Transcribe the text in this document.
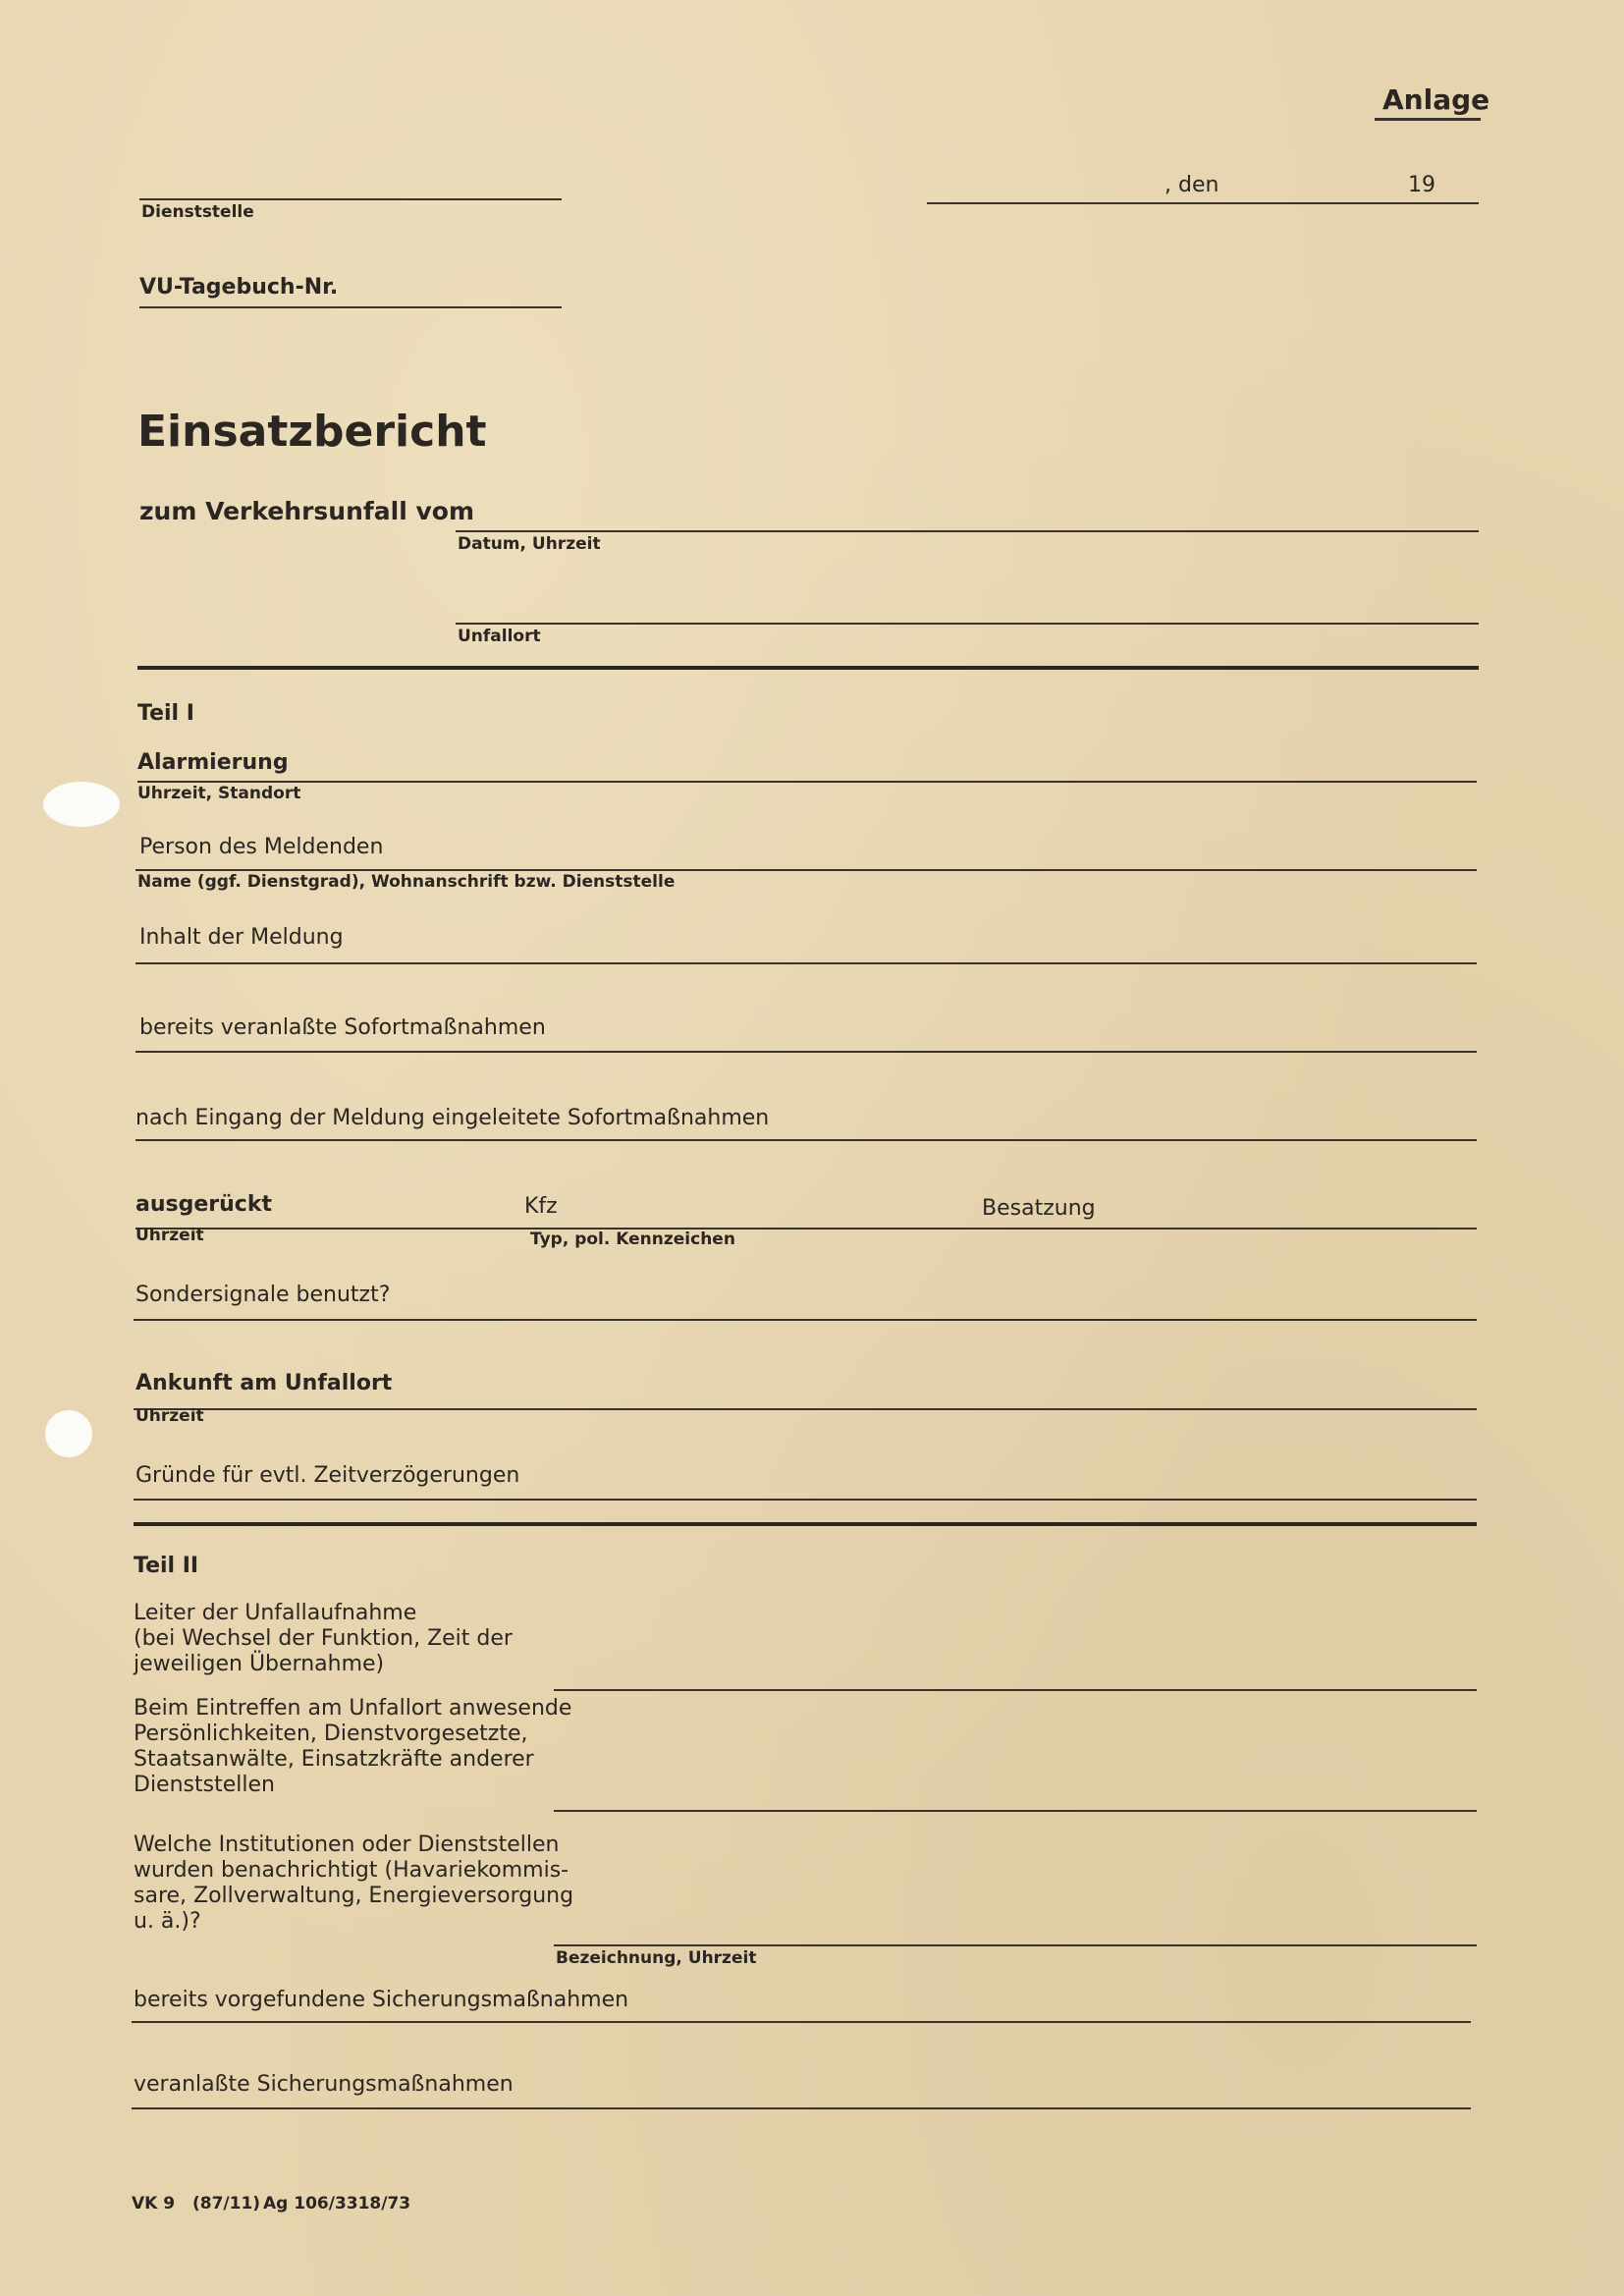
Anlage
Dienststelle
, den	19
VU-Tagebuch-Nr.
Einsatzbericht
zum Verkehrsunfall vom
Datum, Uhrzeit
Unfallort
Teil I
Alarmierung
Uhrzeit, Standort
Person des Meldenden
Name (ggf. Dienstgrad), Wohnanschrift bzw. Dienststelle
Inhalt der Meldung
bereits veranlaßte Sofortmaßnahmen
nach Eingang der Meldung eingeleitete Sofortmaßnahmen
ausgerückt	Kfz	Besatzung
Uhrzeit	Typ, pol. Kennzeichen
Sondersignale benutzt?
Ankunft am Unfallort
Uhrzeit
Gründe für evtl. Zeitverzögerungen
Teil II
Leiter der Unfallaufnahme
(bei Wechsel der Funktion, Zeit der
jeweiligen Übernahme)
Beim Eintreffen am Unfallort anwesende
Persönlichkeiten, Dienstvorgesetzte,
Staatsanwälte, Einsatzkräfte anderer
Dienststellen
Welche Institutionen oder Dienststellen
wurden benachrichtigt (Havariekommis-
sare, Zollverwaltung, Energieversorgung
u. ä.)?
Bezeichnung, Uhrzeit
bereits vorgefundene Sicherungsmaßnahmen
veranlaßte Sicherungsmaßnahmen
VK 9 (87/11) Ag 106/3318/73
